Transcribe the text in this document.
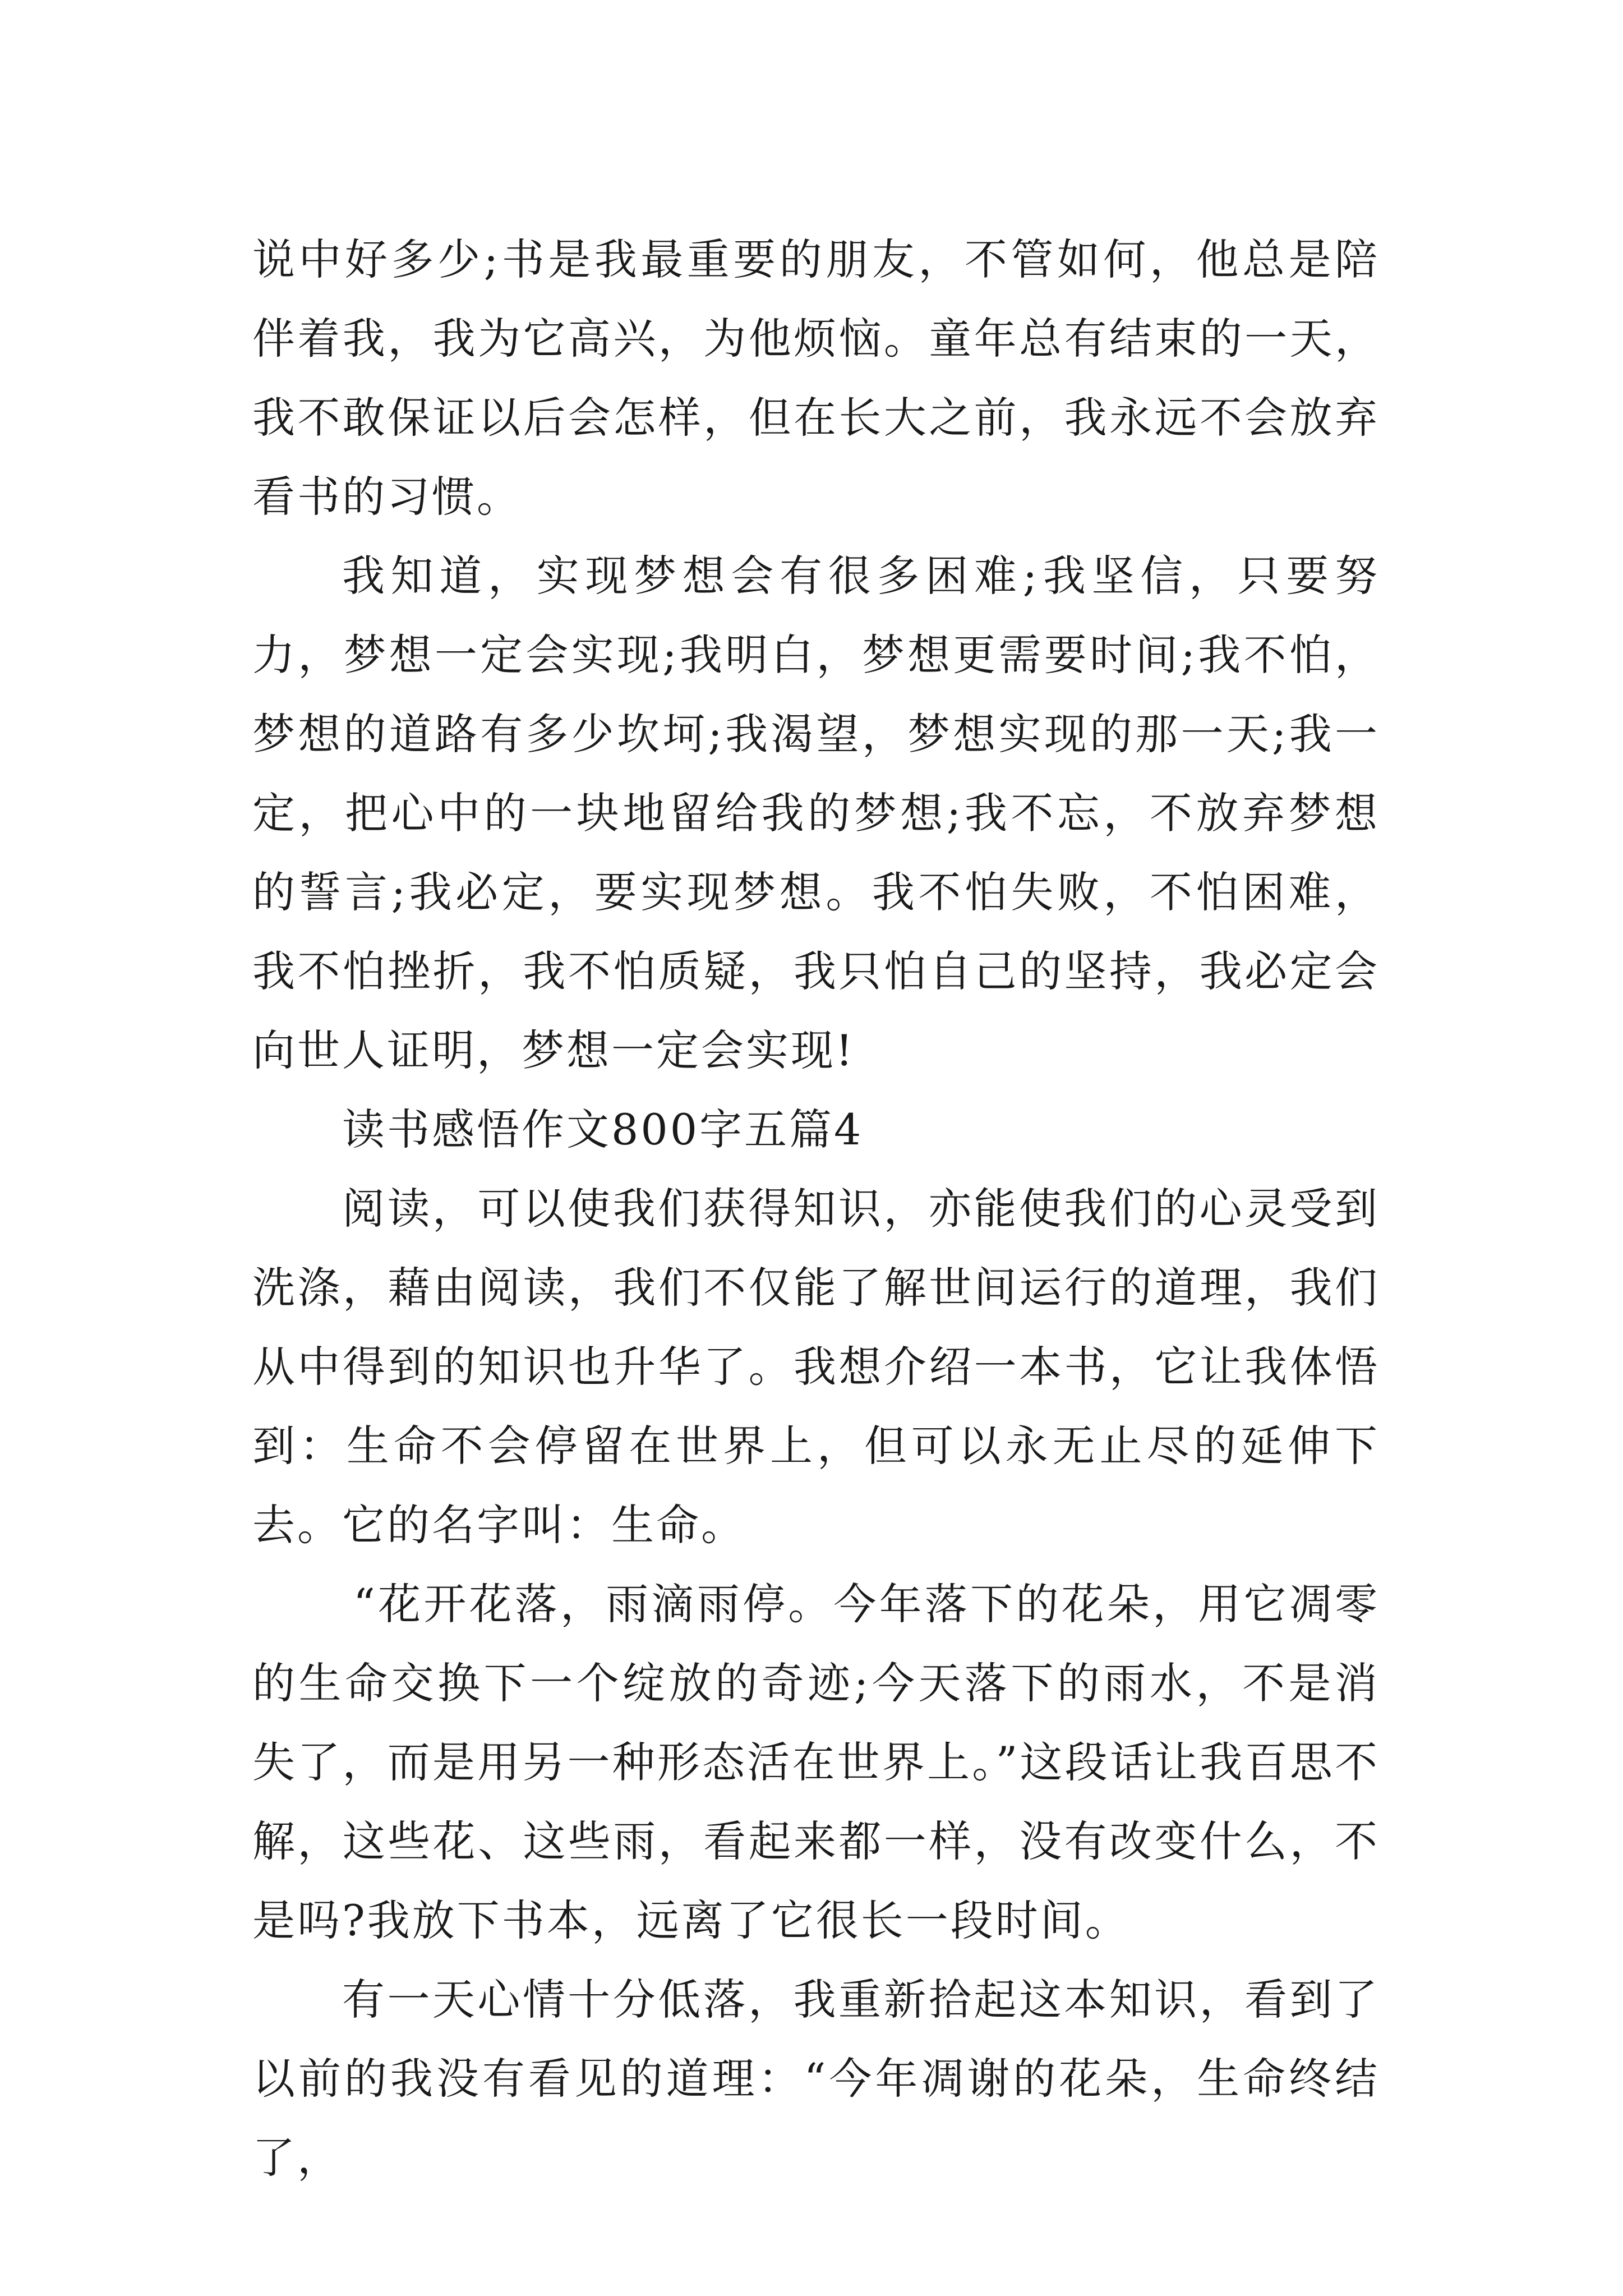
说中好多少;书是我最重要的朋友，不管如何，他总是陪伴着我，我为它高兴，为他烦恼。童年总有结束的一天，我不敢保证以后会怎样，但在长大之前，我永远不会放弃看书的习惯。

我知道，实现梦想会有很多困难;我坚信，只要努力，梦想一定会实现;我明白，梦想更需要时间;我不怕，梦想的道路有多少坎坷;我渴望，梦想实现的那一天;我一定，把心中的一块地留给我的梦想;我不忘，不放弃梦想的誓言;我必定，要实现梦想。我不怕失败，不怕困难，我不怕挫折，我不怕质疑，我只怕自己的坚持，我必定会向世人证明，梦想一定会实现!

读书感悟作文800字五篇4

阅读，可以使我们获得知识，亦能使我们的心灵受到洗涤，藉由阅读，我们不仅能了解世间运行的道理，我们从中得到的知识也升华了。我想介绍一本书，它让我体悟到：生命不会停留在世界上，但可以永无止尽的延伸下去。它的名字叫：生命。

“花开花落，雨滴雨停。今年落下的花朵，用它凋零的生命交换下一个绽放的奇迹;今天落下的雨水，不是消失了，而是用另一种形态活在世界上。”这段话让我百思不解，这些花、这些雨，看起来都一样，没有改变什么，不是吗?我放下书本，远离了它很长一段时间。

有一天心情十分低落，我重新拾起这本知识，看到了以前的我没有看见的道理：“今年凋谢的花朵，生命终结了，
